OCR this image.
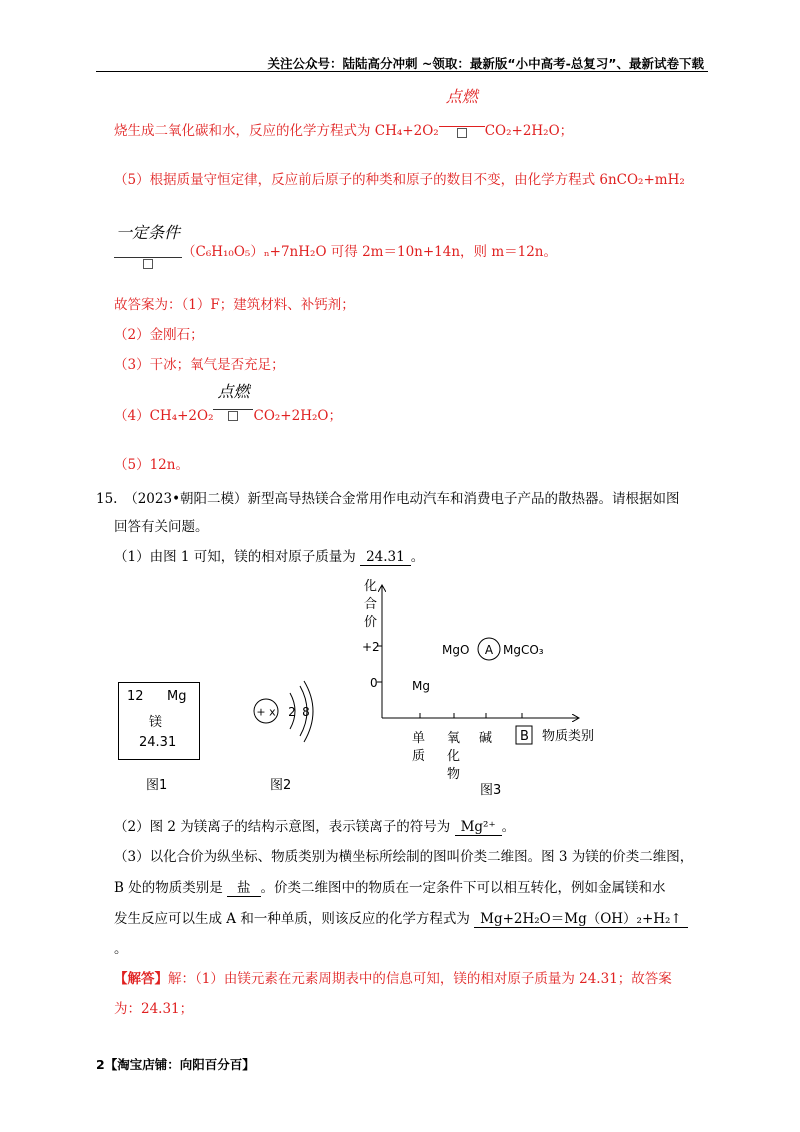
关注公众号：陆陆高分冲刺 ~领取：最新版“小中高考-总复习”、最新试卷下载
烧生成二氧化碳和水，反应的化学方程式为 CH₄+2O₂
点燃
CO₂+2H₂O；
（5）根据质量守恒定律，反应前后原子的种类和原子的数目不变，由化学方程式 6nCO₂+mH₂
一定条件
（C₆H₁₀O₅）ₙ+7nH₂O 可得 2m＝10n+14n，则 m＝12n。
故答案为：（1）F；建筑材料、补钙剂；
（2）金刚石；
（3）干冰；氧气是否充足；
（4）CH₄+2O₂
点燃
CO₂+2H₂O；
（5）12n。
15.　（2023•朝阳二模）新型高导热镁合金常用作电动汽车和消费电子产品的散热器。请根据如图
回答有关问题。
（1）由图 1 可知，镁的相对原子质量为 24.31 。
12 Mg
镁
24.31
图1
+ x 2 8
图2
化
合
价
+2
0
单
质
氧
化
物
碱 B 物质类别
MgO A MgCO₃
Mg
图3
（2）图 2 为镁离子的结构示意图，表示镁离子的符号为 Mg²⁺ 。
（3）以化合价为纵坐标、物质类别为横坐标所绘制的图叫价类二维图。图 3 为镁的价类二维图，
B 处的物质类别是 盐 。价类二维图中的物质在一定条件下可以相互转化，例如金属镁和水
发生反应可以生成 A 和一种单质，则该反应的化学方程式为 Mg+2H₂O＝Mg（OH）₂+H₂↑
。
【解答】解：（1）由镁元素在元素周期表中的信息可知，镁的相对原子质量为 24.31；故答案
为：24.31；
2【淘宝店铺：向阳百分百】
